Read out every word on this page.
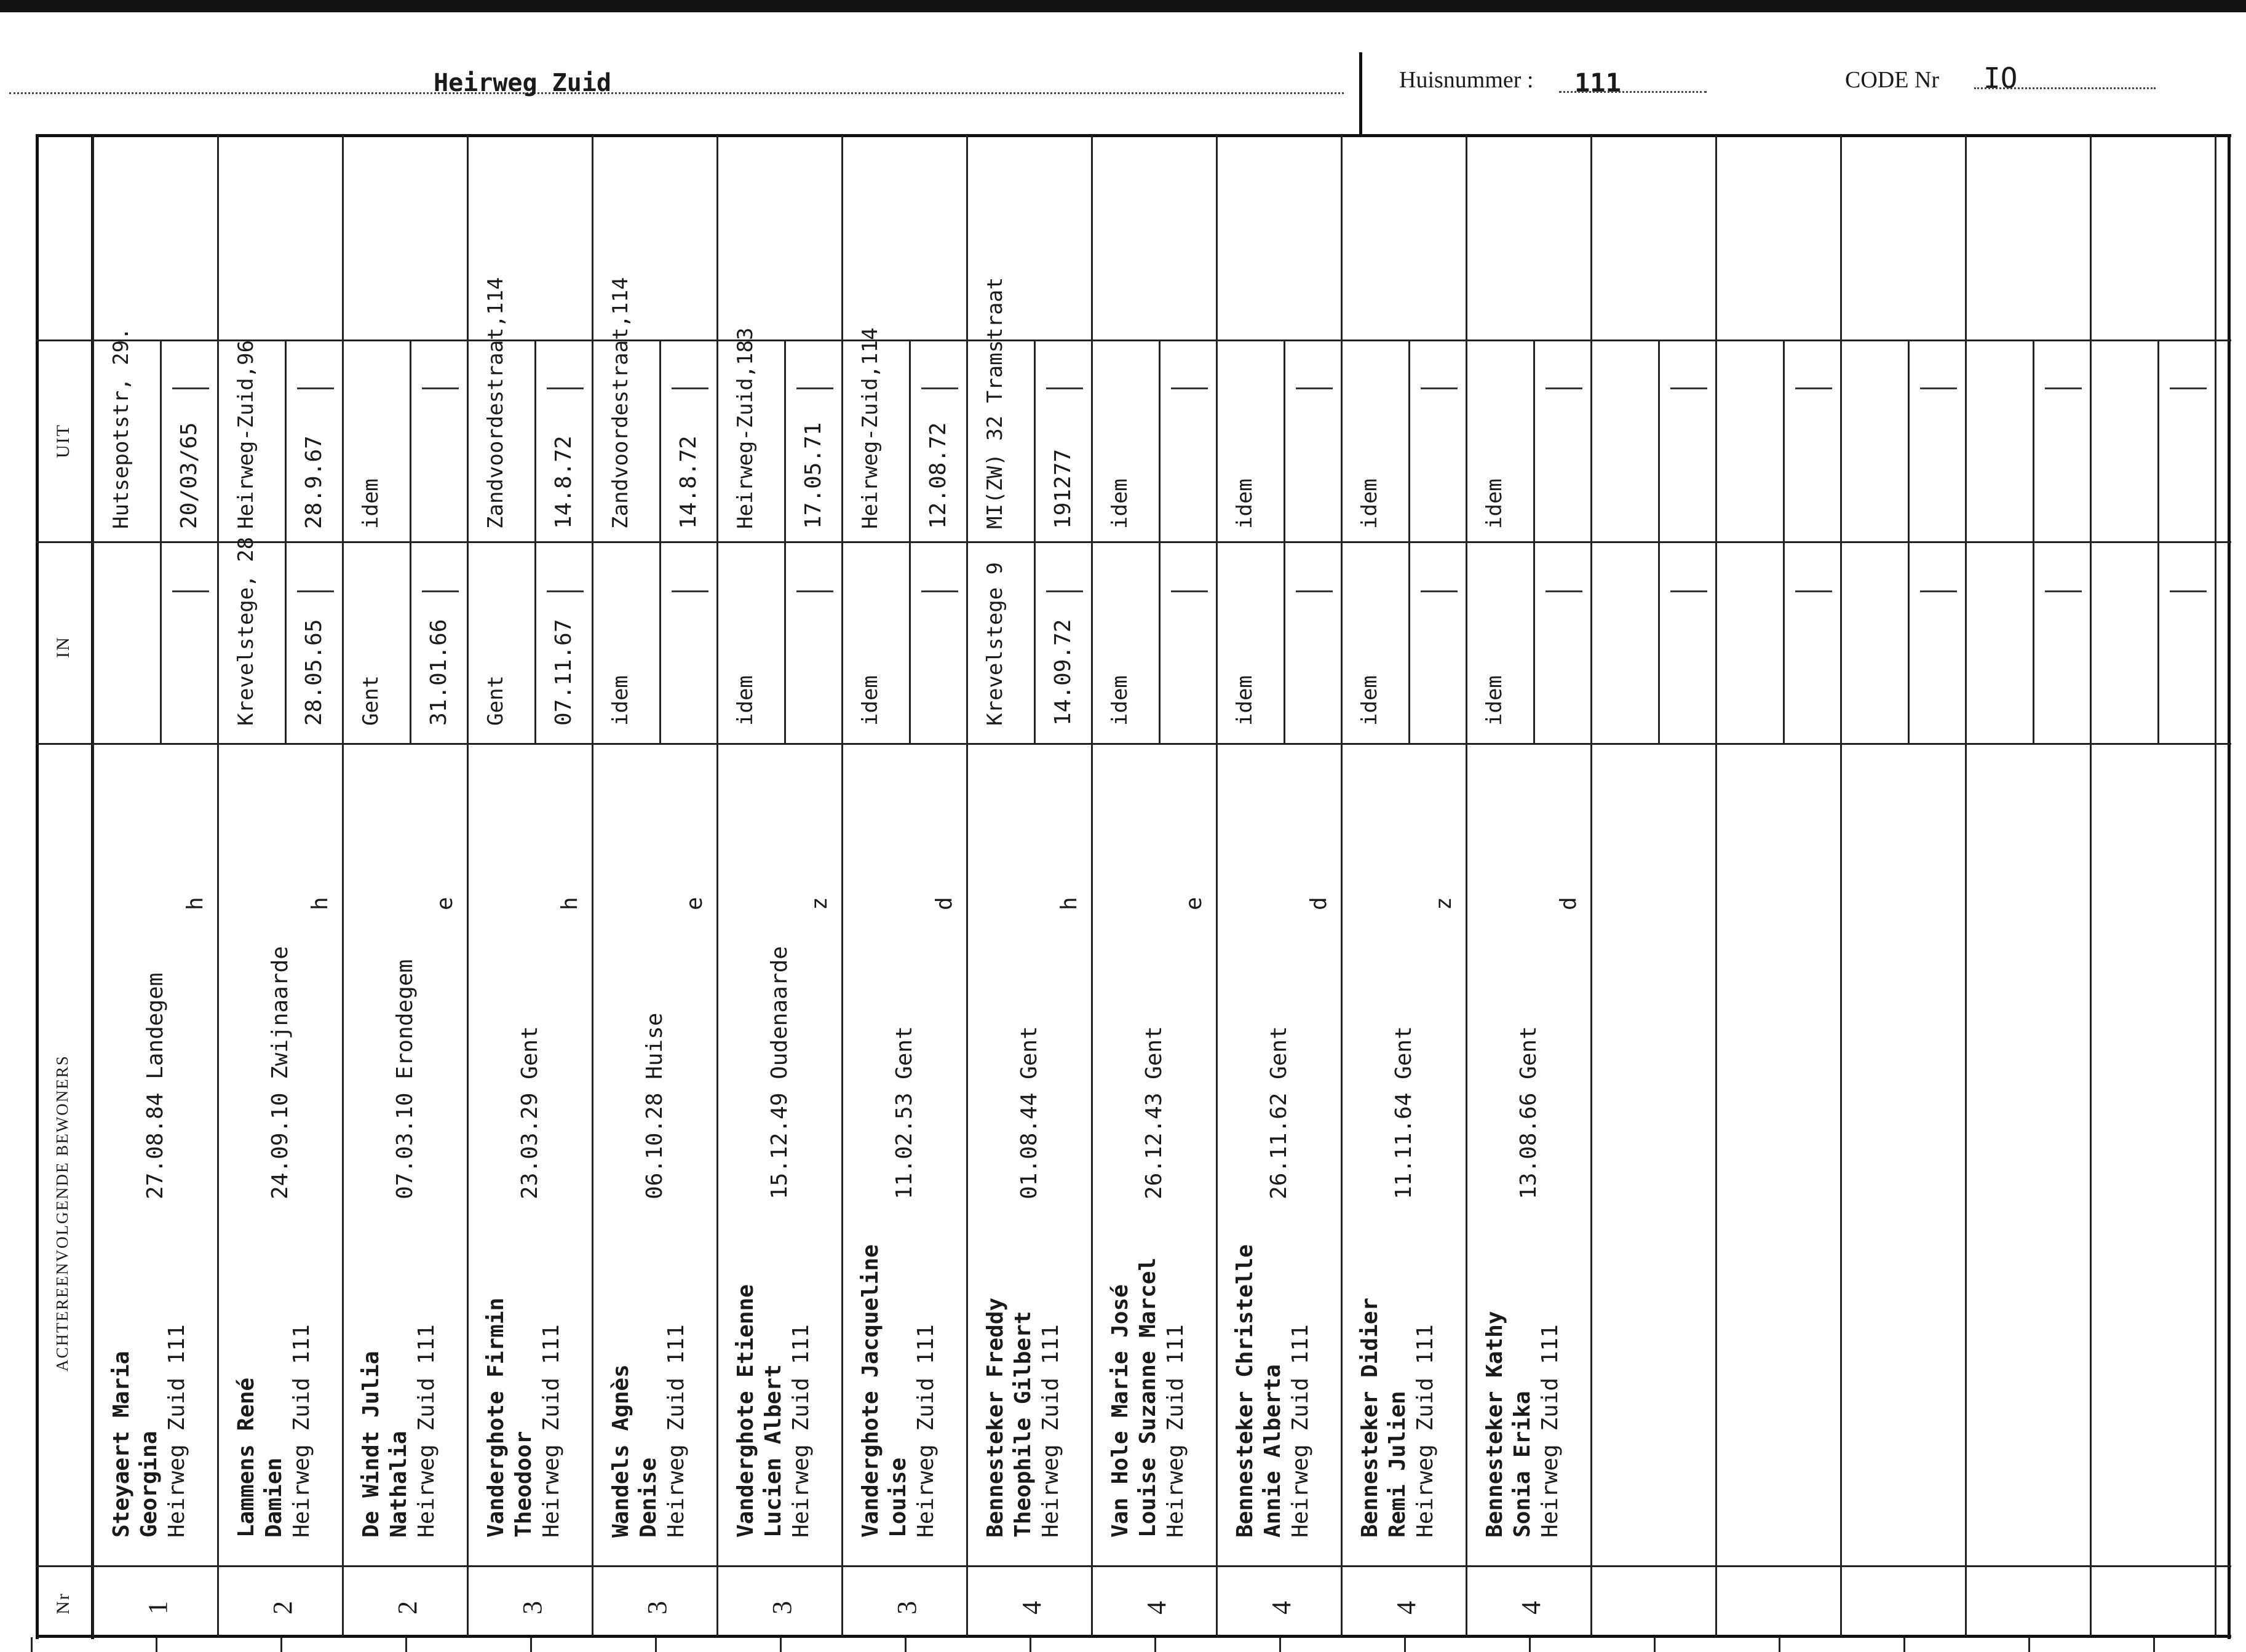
Heirweg Zuid	Huisnummer : 111	CODE Nr IO
ACHTEREENVOLGENDE BEWONERS
Nr
IN
UIT
1
Steyaert Maria Georgina Heirweg Zuid 111
27.08.84 Landegem
h
Hutsepotstr, 29. 20/03/65
2
Lammens René Damien Heirweg Zuid 111
24.09.10 Zwijnaarde
h
Krevelstege, 28 28.05.65
Heirweg-Zuid,96 28.9.67
2
De Windt Julia Nathalia Heirweg Zuid 111
07.03.10 Erondegem
e
Gent 31.01.66
idem
3
Vanderghote Firmin Theodoor Heirweg Zuid 111
23.03.29 Gent
h
Gent 07.11.67
Zandvoordestraat,114 14.8.72
3
Wandels Agnès Denise Heirweg Zuid 111
06.10.28 Huise
e
idem
Zandvoordestraat,114 14.8.72
3
Vanderghote Etienne Lucien Albert Heirweg Zuid 111
15.12.49 Oudenaarde
z
idem
Heirweg-Zuid,183 17.05.71
3
Vanderghote Jacqueline Louise Heirweg Zuid 111
11.02.53 Gent
d
idem
Heirweg-Zuid,114 12.08.72
4
Bennesteker Freddy Theophile Gilbert Heirweg Zuid 111
01.08.44 Gent
h
Krevelstege 9 14.09.72
MI(ZW) 32 Tramstraat 191277
4
Van Hole Marie José Louise Suzanne Marcel Heirweg Zuid 111
26.12.43 Gent
e
idem
idem
4
Bennesteker Christelle Annie Alberta Heirweg Zuid 111
26.11.62 Gent
d
idem
idem
4
Bennesteker Didier Remi Julien Heirweg Zuid 111
11.11.64 Gent
z
idem
idem
4
Bennesteker Kathy Sonia Erika Heirweg Zuid 111
13.08.66 Gent
d
idem
idem
